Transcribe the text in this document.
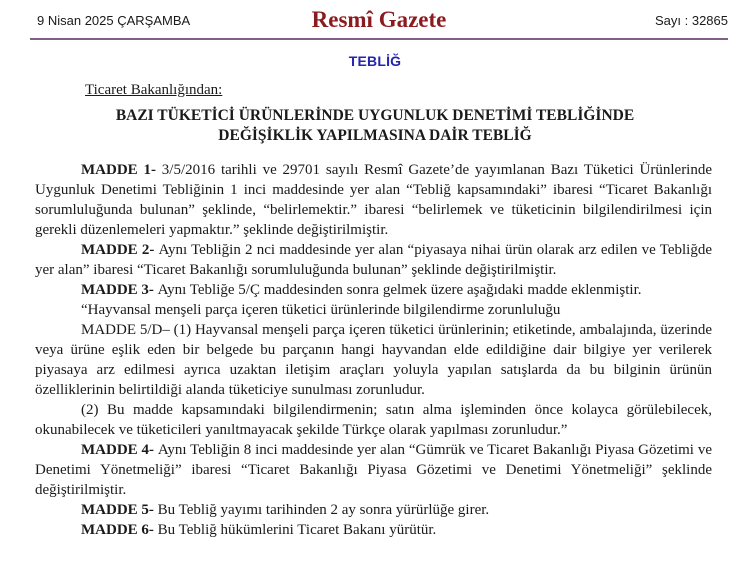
9 Nisan 2025 ÇARŞAMBA	Resmî Gazete	Sayı : 32865
TEBLİĞ
Ticaret Bakanlığından:
BAZI TÜKETİCİ ÜRÜNLERİNDE UYGUNLUK DENETİMİ TEBLİĞİNDE
DEĞİŞİKLİK YAPILMASINA DAİR TEBLİĞ

MADDE 1- 3/5/2016 tarihli ve 29701 sayılı Resmî Gazete’de yayımlanan Bazı Tüketici Ürünlerinde Uygunluk Denetimi Tebliğinin 1 inci maddesinde yer alan “Tebliğ kapsamındaki” ibaresi “Ticaret Bakanlığı sorumluluğunda bulunan” şeklinde, “belirlemektir.” ibaresi “belirlemek ve tüketicinin bilgilendirilmesi için gerekli düzenlemeleri yapmaktır.” şeklinde değiştirilmiştir.

MADDE 2- Aynı Tebliğin 2 nci maddesinde yer alan “piyasaya nihai ürün olarak arz edilen ve Tebliğde yer alan” ibaresi “Ticaret Bakanlığı sorumluluğunda bulunan” şeklinde değiştirilmiştir.

MADDE 3- Aynı Tebliğe 5/Ç maddesinden sonra gelmek üzere aşağıdaki madde eklenmiştir.

“Hayvansal menşeli parça içeren tüketici ürünlerinde bilgilendirme zorunluluğu

MADDE 5/D– (1) Hayvansal menşeli parça içeren tüketici ürünlerinin; etiketinde, ambalajında, üzerinde veya ürüne eşlik eden bir belgede bu parçanın hangi hayvandan elde edildiğine dair bilgiye yer verilerek piyasaya arz edilmesi ayrıca uzaktan iletişim araçları yoluyla yapılan satışlarda da bu bilginin ürünün özelliklerinin belirtildiği alanda tüketiciye sunulması zorunludur.

(2) Bu madde kapsamındaki bilgilendirmenin; satın alma işleminden önce kolayca görülebilecek, okunabilecek ve tüketicileri yanıltmayacak şekilde Türkçe olarak yapılması zorunludur.”

MADDE 4- Aynı Tebliğin 8 inci maddesinde yer alan “Gümrük ve Ticaret Bakanlığı Piyasa Gözetimi ve Denetimi Yönetmeliği” ibaresi “Ticaret Bakanlığı Piyasa Gözetimi ve Denetimi Yönetmeliği” şeklinde değiştirilmiştir.

MADDE 5- Bu Tebliğ yayımı tarihinden 2 ay sonra yürürlüğe girer.

MADDE 6- Bu Tebliğ hükümlerini Ticaret Bakanı yürütür.
